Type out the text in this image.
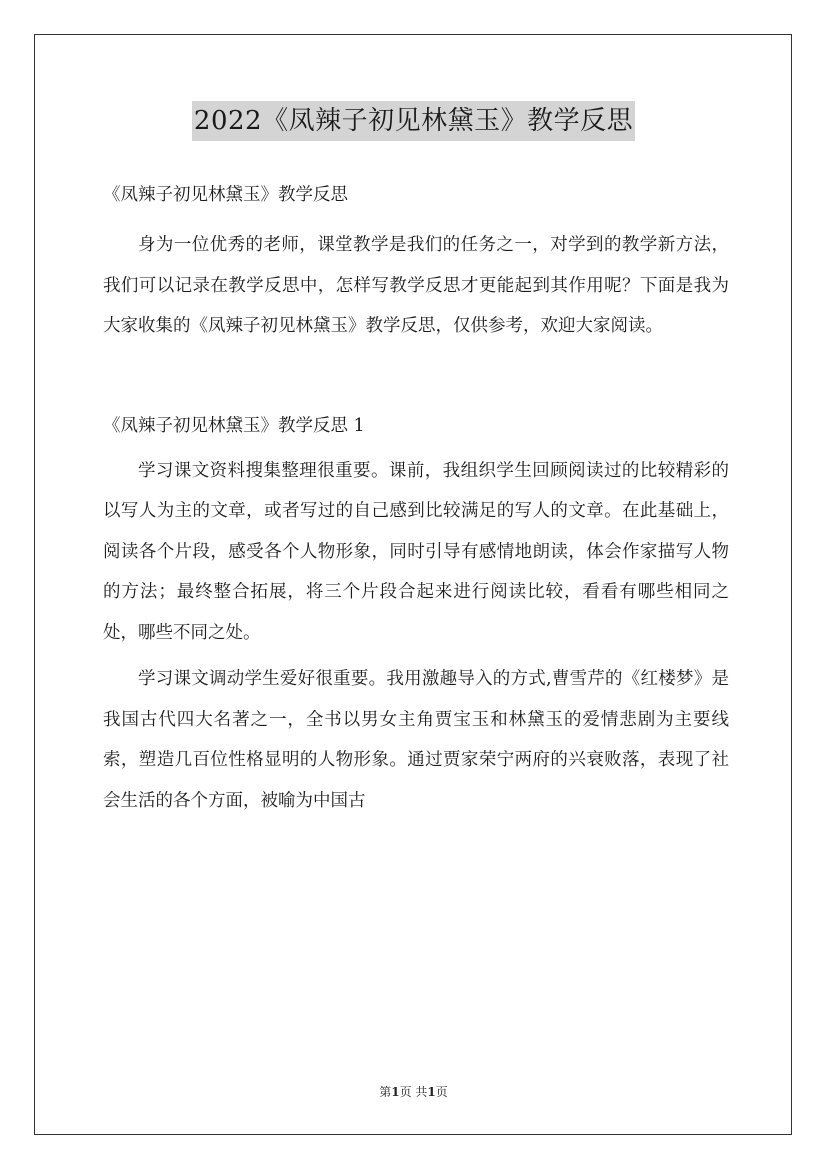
2022《凤辣子初见林黛玉》教学反思

《凤辣子初见林黛玉》教学反思

身为一位优秀的老师，课堂教学是我们的任务之一，对学到的教学新方法，我们可以记录在教学反思中，怎样写教学反思才更能起到其作用呢？下面是我为大家收集的《凤辣子初见林黛玉》教学反思，仅供参考，欢迎大家阅读。

《凤辣子初见林黛玉》教学反思 1

学习课文资料搜集整理很重要。课前，我组织学生回顾阅读过的比较精彩的以写人为主的文章，或者写过的自己感到比较满足的写人的文章。在此基础上，阅读各个片段，感受各个人物形象，同时引导有感情地朗读，体会作家描写人物的方法；最终整合拓展，将三个片段合起来进行阅读比较，看看有哪些相同之处，哪些不同之处。

学习课文调动学生爱好很重要。我用激趣导入的方式,曹雪芹的《红楼梦》是我国古代四大名著之一，全书以男女主角贾宝玉和林黛玉的爱情悲剧为主要线索，塑造几百位性格显明的人物形象。通过贾家荣宁两府的兴衰败落，表现了社会生活的各个方面，被喻为中国古

第1页 共1页
